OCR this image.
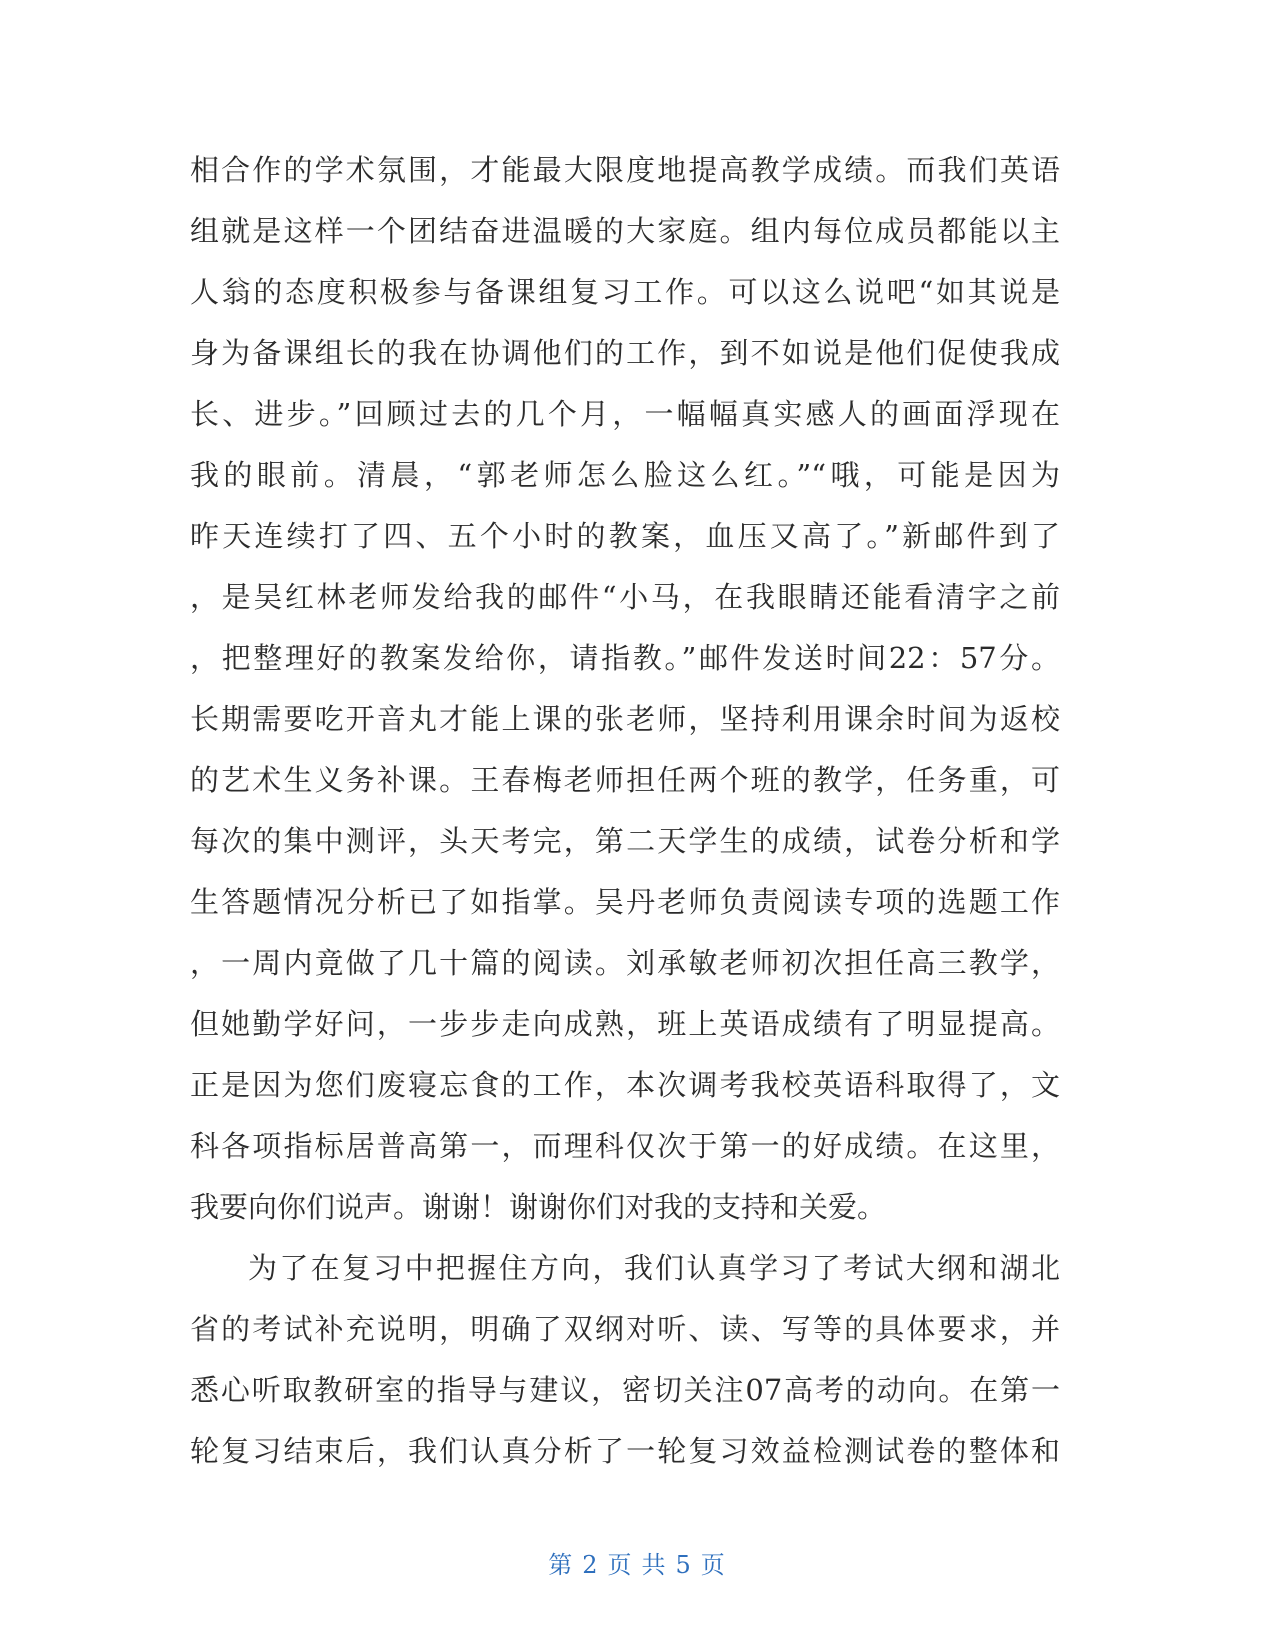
相合作的学术氛围，才能最大限度地提高教学成绩。而我们英语
组就是这样一个团结奋进温暖的大家庭。组内每位成员都能以主
人翁的态度积极参与备课组复习工作。可以这么说吧“如其说是
身为备课组长的我在协调他们的工作，到不如说是他们促使我成
长、进步。”回顾过去的几个月，一幅幅真实感人的画面浮现在
我的眼前。清晨，“郭老师怎么脸这么红。”“哦，可能是因为
昨天连续打了四、五个小时的教案，血压又高了。”新邮件到了
，是吴红林老师发给我的邮件“小马，在我眼睛还能看清字之前
，把整理好的教案发给你，请指教。”邮件发送时间22：57分。
长期需要吃开音丸才能上课的张老师，坚持利用课余时间为返校
的艺术生义务补课。王春梅老师担任两个班的教学，任务重，可
每次的集中测评，头天考完，第二天学生的成绩，试卷分析和学
生答题情况分析已了如指掌。吴丹老师负责阅读专项的选题工作
，一周内竟做了几十篇的阅读。刘承敏老师初次担任高三教学，
但她勤学好问，一步步走向成熟，班上英语成绩有了明显提高。
正是因为您们废寝忘食的工作，本次调考我校英语科取得了，文
科各项指标居普高第一，而理科仅次于第一的好成绩。在这里，
我要向你们说声。谢谢！谢谢你们对我的支持和关爱。
为了在复习中把握住方向，我们认真学习了考试大纲和湖北
省的考试补充说明，明确了双纲对听、读、写等的具体要求，并
悉心听取教研室的指导与建议，密切关注07高考的动向。在第一
轮复习结束后，我们认真分析了一轮复习效益检测试卷的整体和
第 2 页 共 5 页
